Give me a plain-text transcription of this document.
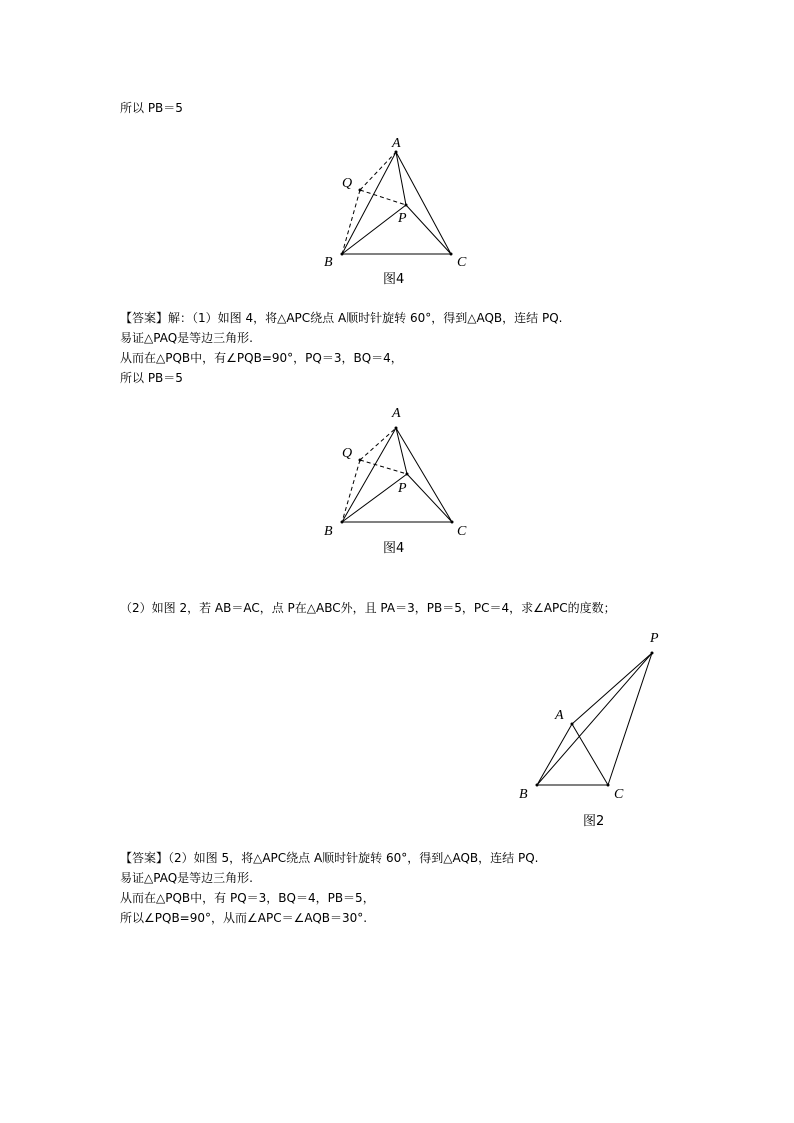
所以 PB＝5
A
Q
P
B	C
图4
【答案】解：（1）如图 4，将△APC绕点 A顺时针旋转 60°，得到△AQB，连结 PQ.
易证△PAQ是等边三角形.
从而在△PQB中，有∠PQB=90°，PQ＝3，BQ＝4，
所以 PB＝5
A
Q
P
B	C
图4
（2）如图 2，若 AB＝AC，点 P在△ABC外，且 PA＝3，PB＝5，PC＝4，求∠APC的度数；
P
A
B	C
图2
【答案】（2）如图 5，将△APC绕点 A顺时针旋转 60°，得到△AQB，连结 PQ.
易证△PAQ是等边三角形.
从而在△PQB中，有 PQ＝3，BQ＝4，PB＝5，
所以∠PQB=90°，从而∠APC＝∠AQB＝30°.
